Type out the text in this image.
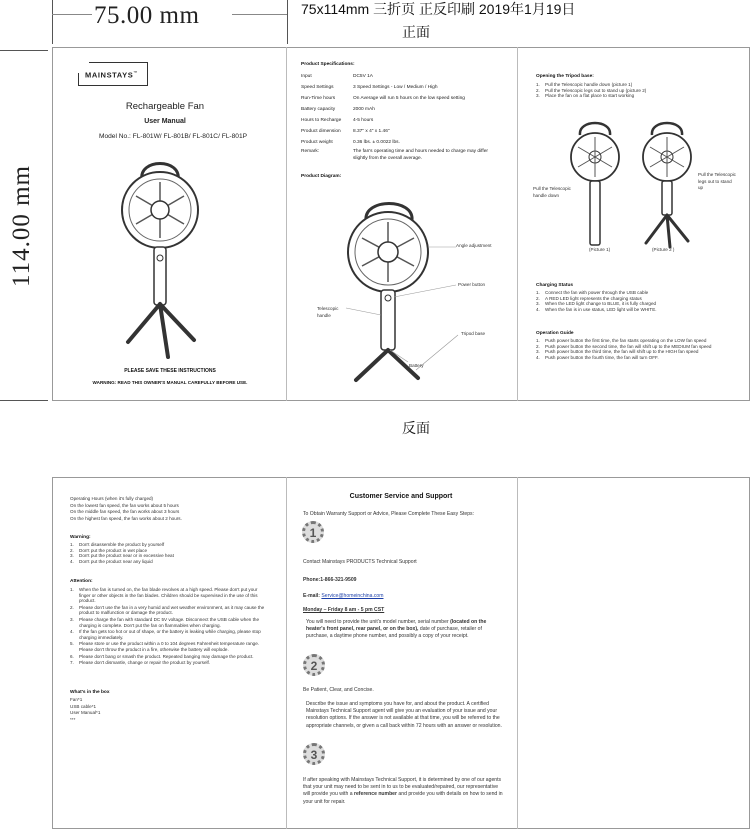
75.00 mm	75x114mm 三折页 正反印刷 2019年1月19日
正面
114.00 mm
MAINSTAYS™
Rechargeable Fan
User Manual
Model No.: FL-801W/ FL-801B/ FL-801C/ FL-801P
PLEASE SAVE THESE INSTRUCTIONS
WARNING: READ THIS OWNER'S MANUAL CAREFULLY BEFORE USE.
Product Specifications:
Input	DC5V 1A
Speed Settings	3 Speed Settings - Low / Medium / High
Run-Time hours	On Average will run 5 hours on the low speed setting
Battery capacity	2000 mAh
Hours to Recharge	4-5 hours
Product dimension	8.37" x 4" x 1.46"
Product weight	0.36 lbs. ± 0.0022 lbs.
Remark:	The fan's operating time and hours needed to charge may differ slightly from the overall average.
Product Diagram:
Angle adjustment
Power button
Telescopic handle
Tripod base
Battery
Opening the Tripod base:
1.	Pull the Telescopic handle down (picture 1)
2.	Pull the Telescopic legs out to stand up (picture 2)
3.	Place the fan on a flat place to start working
Pull the Telescopic handle down
Pull the Telescopic legs out to stand up
(Picture 1)	(Picture 2 )
Charging Status
1.	Connect the fan with power through the USB cable
2.	A RED LED light represents the charging status
3.	When the LED light change to BLUE, it is fully charged
4.	When the fan is in use status, LED light will be WHITE.
Operation Guide
1.	Push power button the first time, the fan starts operating on the LOW fan speed
2.	Push power button the second time, the fan will shift up to the MEDIUM fan speed
3.	Push power button the third time, the fan will shift up to the HIGH fan speed
4.	Push power button the fourth time, the fan will turn OFF.
反面
Operating Hours (when it's fully charged)
On the lowest fan speed, the fan works about 5 hours
On the middle fan speed, the fan works about 3 hours
On the highest fan speed, the fan works about 2 hours.
Warning:
1.	Don't disassemble the product by yourself
2.	Don't put the product in wet place
3.	Don't put the product near or in excessive heat
4.	Don't put the product near any liquid
Attention:
1.	When the fan is turned on, the fan blade revolves at a high speed. Please don't put your finger or other objects in the fan blades. Children should be supervised in the use of this product.
2.	Please don't use the fan in a very humid and wet weather environment, as it may cause the product to malfunction or damage the product.
3.	Please charge the fan with standard DC 5V voltage. Disconnect the USB cable when the charging is complete. Don't put the fan on flammables when charging.
4.	If the fan gets too hot or out of shape, or the battery is leaking while charging, please stop charging immediately.
5.	Please store or use the product within a 0 to 104 degrees Fahrenheit temperature range. Please don't throw the product in a fire, otherwise the battery will explode.
6.	Please don't bang or smash the product. Repeated banging may damage the product.
7.	Please don't dismantle, change or repair the product by yourself.
What's in the box
Fan*1
USB cable*1
User Manual*1
***
Customer Service and Support
To Obtain Warranty Support or Advice, Please Complete These Easy Steps:
1
Contact Mainstays PRODUCTS Technical Support
Phone:1-866-321-9509
E-mail: Service@homeinchina.com
Monday – Friday 8 am - 5 pm CST
You will need to provide the unit's model number, serial number (located on the heater's front panel, rear panel, or on the box), date of purchase, retailer of purchase, a daytime phone number, and possibly a copy of your receipt.
2
Be Patient, Clear, and Concise.
Describe the issue and symptoms you have for, and about the product. A certified Mainstays Technical Support agent will give you an evaluation of your issue and your resolution options. If the answer is not available at that time, you will be referred to the appropriate channels, or given a call back within 72 hours with an answer or resolution.
3
If after speaking with Mainstays Technical Support, it is determined by one of our agents that your unit may need to be sent in to us to be evaluated/repaired, our representative will provide you with a reference number and provide you with details on how to send in your unit for repair.
